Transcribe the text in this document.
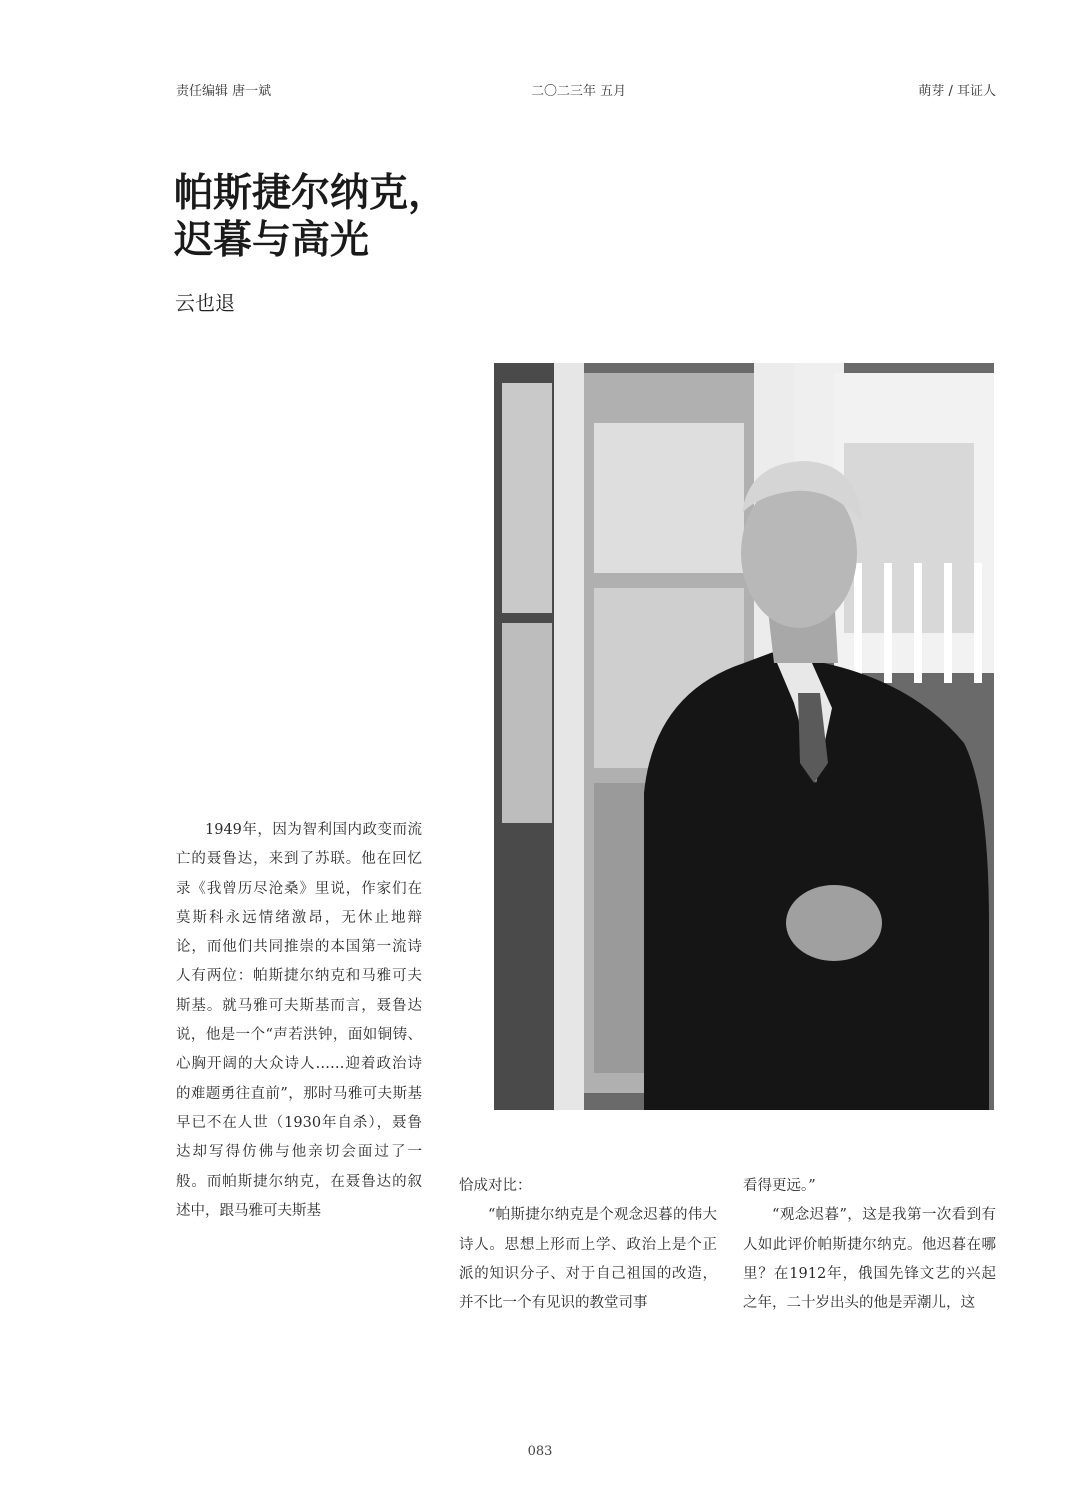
责任编辑 唐一斌	二〇二三年 五月	萌芽 / 耳证人
帕斯捷尔纳克，
迟暮与高光
云也退

1949年，因为智利国内政变而流亡的聂鲁达，来到了苏联。他在回忆录《我曾历尽沧桑》里说，作家们在莫斯科永远情绪激昂，无休止地辩论，而他们共同推崇的本国第一流诗人有两位：帕斯捷尔纳克和马雅可夫斯基。就马雅可夫斯基而言，聂鲁达说，他是一个“声若洪钟，面如铜铸、心胸开阔的大众诗人……迎着政治诗的难题勇往直前”，那时马雅可夫斯基早已不在人世（1930年自杀），聂鲁达却写得仿佛与他亲切会面过了一般。而帕斯捷尔纳克，在聂鲁达的叙述中，跟马雅可夫斯基

恰成对比：

“帕斯捷尔纳克是个观念迟暮的伟大诗人。思想上形而上学、政治上是个正派的知识分子、对于自己祖国的改造，并不比一个有见识的教堂司事

看得更远。”

“观念迟暮”，这是我第一次看到有人如此评价帕斯捷尔纳克。他迟暮在哪里？在1912年，俄国先锋文艺的兴起之年，二十岁出头的他是弄潮儿，这

083
